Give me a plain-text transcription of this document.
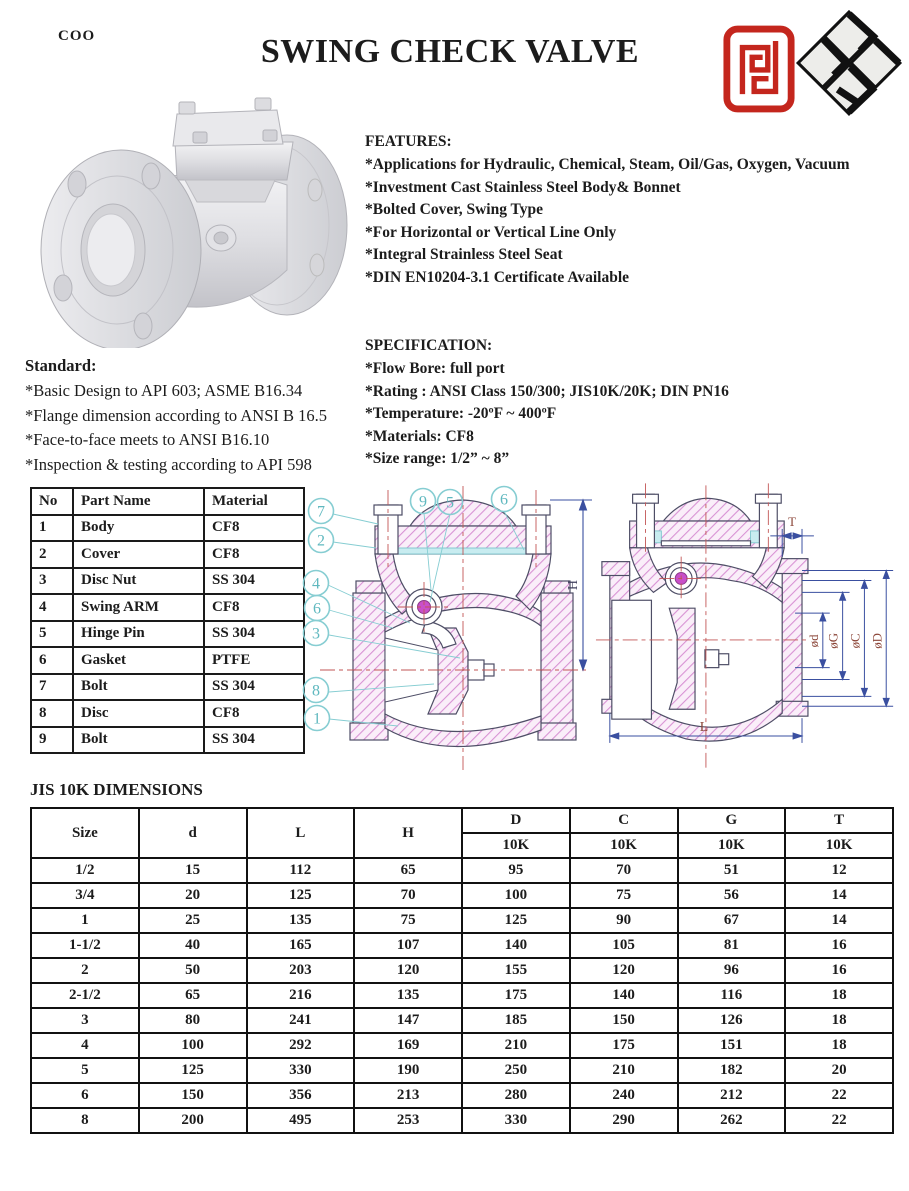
COO	SWING CHECK VALVE

FEATURES:

*Applications for Hydraulic, Chemical, Steam, Oil/Gas, Oxygen, Vacuum
*Investment Cast Stainless Steel Body& Bonnet
*Bolted Cover, Swing Type
*For Horizontal or Vertical Line Only
*Integral Strainless Steel Seat
*DIN EN10204-3.1 Certificate Available

SPECIFICATION:

*Flow Bore: full port
*Rating : ANSI Class 150/300; JIS10K/20K; DIN PN16
*Temperature: -20ºF ~ 400ºF
*Materials: CF8
*Size range: 1/2” ~ 8”

Standard:

*Basic Design to API 603; ASME B16.34
*Flange dimension according to ANSI B 16.5
*Face-to-face meets to ANSI B16.10
*Inspection & testing according to API 598
No	Part Name	Material
1	Body	CF8
2	Cover	CF8
3	Disc Nut	SS 304
4	Swing ARM	CF8
5	Hinge Pin	SS 304
6	Gasket	PTFE
7	Bolt	SS 304
8	Disc	CF8
9	Bolt	SS 304
7
2
9 5	6
4
6
3
8
1
H
T
ød øG øC øD
L
JIS 10K DIMENSIONS
Size	d	L	H	D	C	G	T
				10K	10K	10K	10K
1/2	15	112	65	95	70	51	12
3/4	20	125	70	100	75	56	14
1	25	135	75	125	90	67	14
1-1/2	40	165	107	140	105	81	16
2	50	203	120	155	120	96	16
2-1/2	65	216	135	175	140	116	18
3	80	241	147	185	150	126	18
4	100	292	169	210	175	151	18
5	125	330	190	250	210	182	20
6	150	356	213	280	240	212	22
8	200	495	253	330	290	262	22
